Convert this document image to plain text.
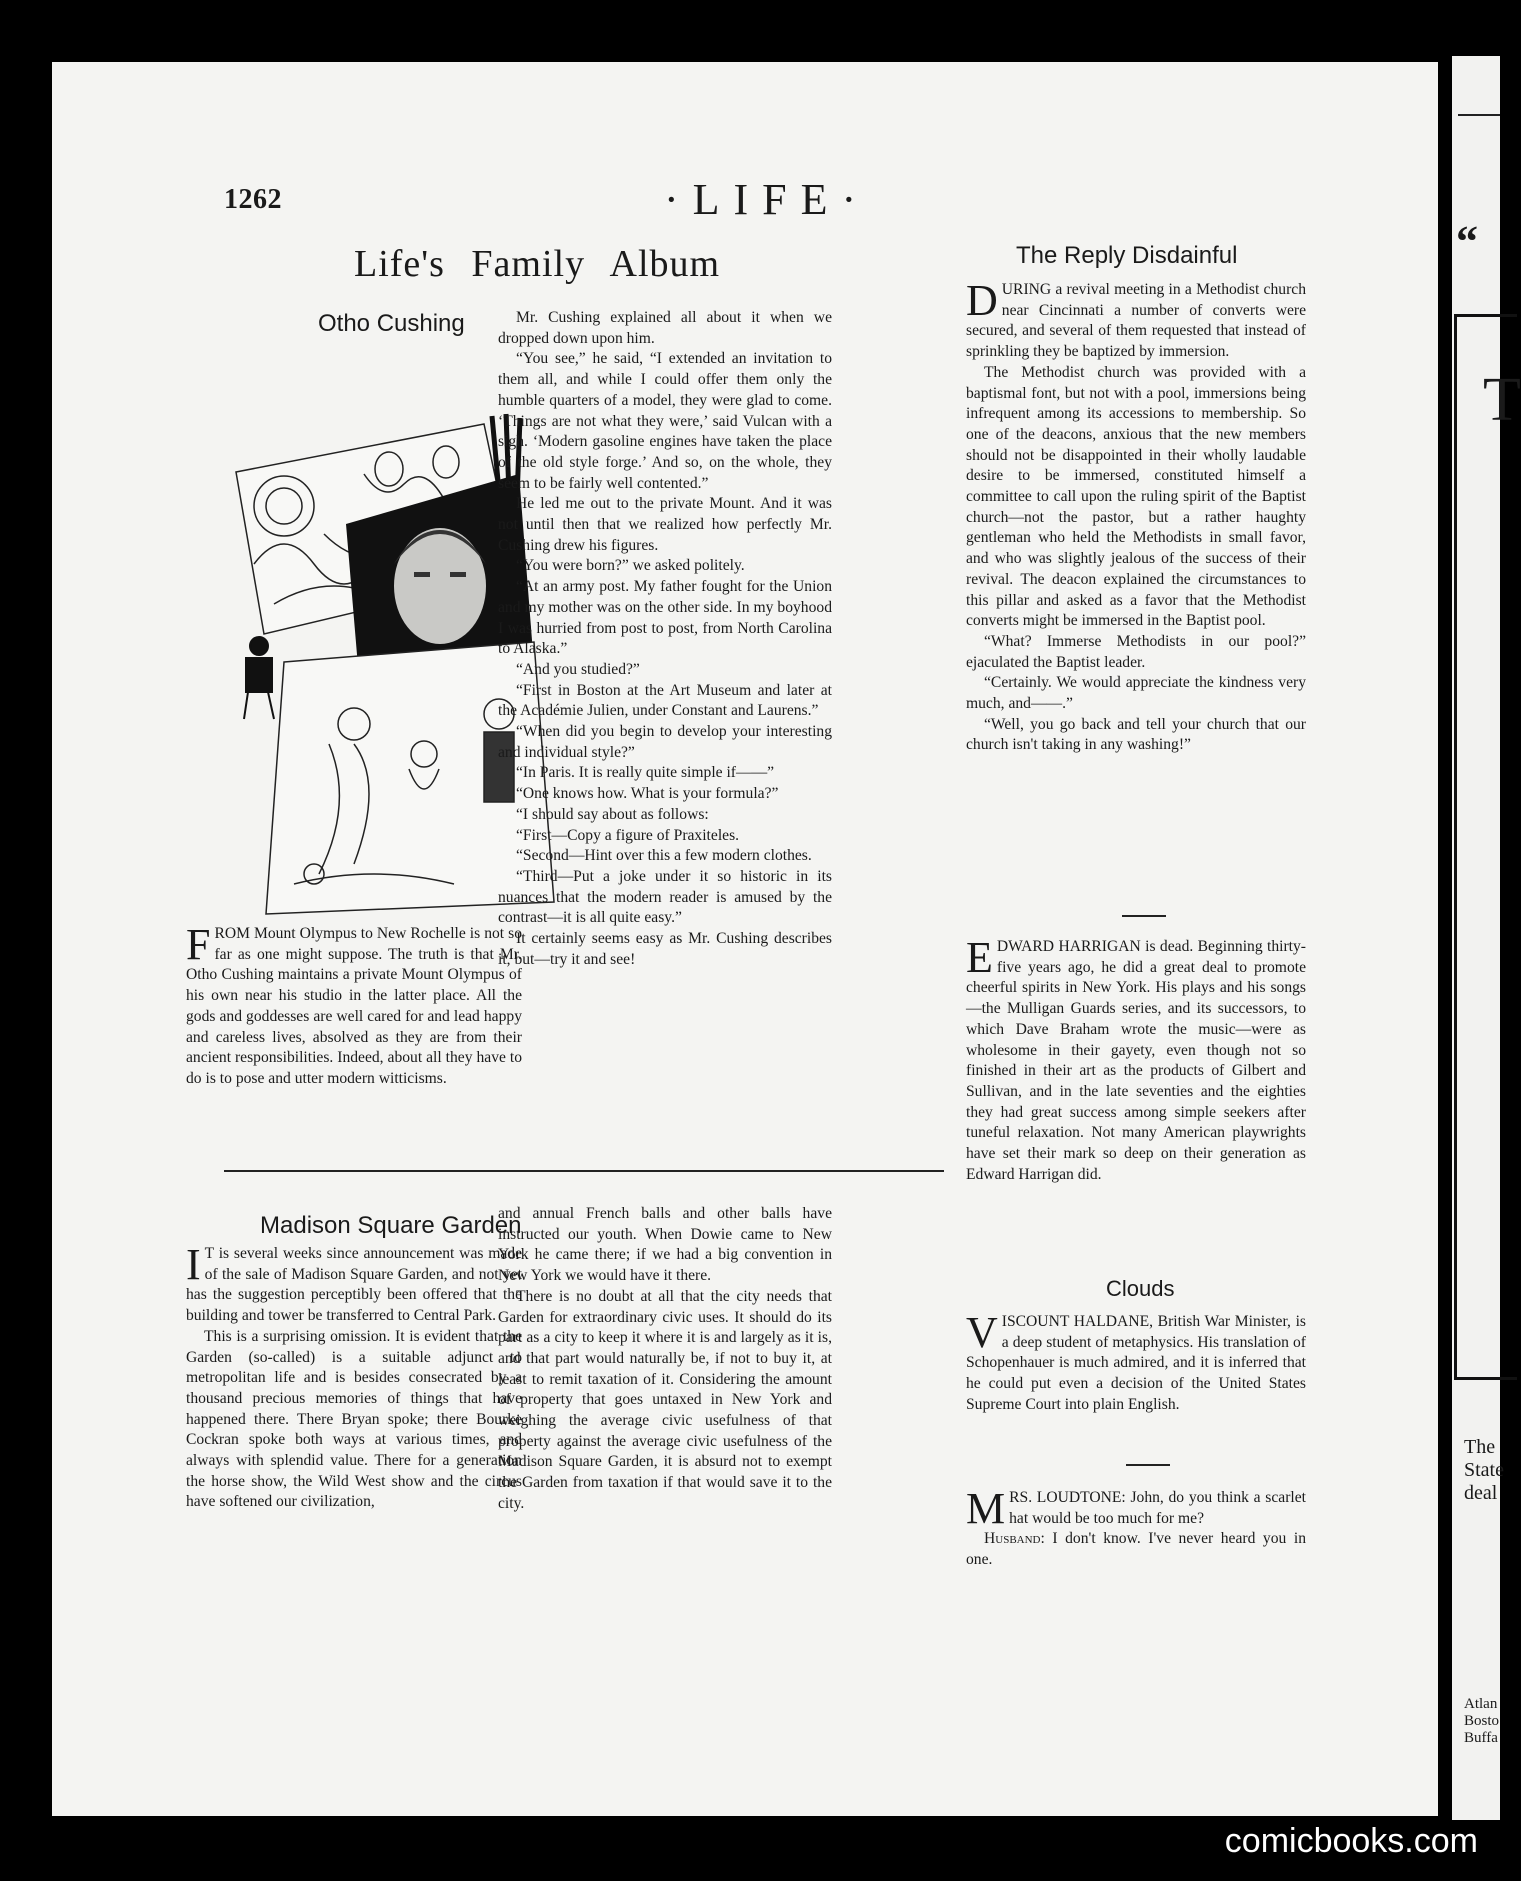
1262	·LIFE·
Life's Family Album
Otho Cushing

FROM Mount Olympus to New Rochelle is not so far as one might suppose. The truth is that Mr. Otho Cushing maintains a private Mount Olympus of his own near his studio in the latter place. All the gods and goddesses are well cared for and lead happy and careless lives, absolved as they are from their ancient responsibilities. Indeed, about all they have to do is to pose and utter modern witticisms.

Mr. Cushing explained all about it when we dropped down upon him.

“You see,” he said, “I extended an invitation to them all, and while I could offer them only the humble quarters of a model, they were glad to come. ‘Things are not what they were,’ said Vulcan with a sigh. ‘Modern gasoline engines have taken the place of the old style forge.’ And so, on the whole, they seem to be fairly well contented.”

He led me out to the private Mount. And it was not until then that we realized how perfectly Mr. Cushing drew his figures.

“You were born?” we asked politely.

“At an army post. My father fought for the Union and my mother was on the other side. In my boyhood I was hurried from post to post, from North Carolina to Alaska.”

“And you studied?”

“First in Boston at the Art Museum and later at the Académie Julien, under Constant and Laurens.”

“When did you begin to develop your interesting and individual style?”

“In Paris. It is really quite simple if——”

“One knows how. What is your formula?”

“I should say about as follows:

“First—Copy a figure of Praxiteles.

“Second—Hint over this a few modern clothes.

“Third—Put a joke under it so historic in its nuances that the modern reader is amused by the contrast—it is all quite easy.”

It certainly seems easy as Mr. Cushing describes it, but—try it and see!

The Reply Disdainful

DURING a revival meeting in a Methodist church near Cincinnati a number of converts were secured, and several of them requested that instead of sprinkling they be baptized by immersion.

The Methodist church was provided with a baptismal font, but not with a pool, immersions being infrequent among its accessions to membership. So one of the deacons, anxious that the new members should not be disappointed in their wholly laudable desire to be immersed, constituted himself a committee to call upon the ruling spirit of the Baptist church—not the pastor, but a rather haughty gentleman who held the Methodists in small favor, and who was slightly jealous of the success of their revival. The deacon explained the circumstances to this pillar and asked as a favor that the Methodist converts might be immersed in the Baptist pool.

“What? Immerse Methodists in our pool?” ejaculated the Baptist leader.

“Certainly. We would appreciate the kindness very much, and——.”

“Well, you go back and tell your church that our church isn't taking in any washing!”

EDWARD HARRIGAN is dead. Beginning thirty-five years ago, he did a great deal to promote cheerful spirits in New York. His plays and his songs—the Mulligan Guards series, and its successors, to which Dave Braham wrote the music—were as wholesome in their gayety, even though not so finished in their art as the products of Gilbert and Sullivan, and in the late seventies and the eighties they had great success among simple seekers after tuneful relaxation. Not many American playwrights have set their mark so deep on their generation as Edward Harrigan did.

Clouds

VISCOUNT HALDANE, British War Minister, is a deep student of metaphysics. His translation of Schopenhauer is much admired, and it is inferred that he could put even a decision of the United States Supreme Court into plain English.

MRS. LOUDTONE: John, do you think a scarlet hat would be too much for me?

Husband: I don't know. I've never heard you in one.

Madison Square Garden

I T is several weeks since announcement was made of the sale of Madison Square Garden, and not yet has the suggestion perceptibly been offered that the building and tower be transferred to Central Park.

This is a surprising omission. It is evident that the Garden (so-called) is a suitable adjunct to metropolitan life and is besides consecrated by a thousand precious memories of things that have happened there. There Bryan spoke; there Bourke Cockran spoke both ways at various times, and always with splendid value. There for a generation the horse show, the Wild West show and the circus have softened our civilization,

and annual French balls and other balls have instructed our youth. When Dowie came to New York he came there; if we had a big convention in New York we would have it there.

There is no doubt at all that the city needs that Garden for extraordinary civic uses. It should do its part as a city to keep it where it is and largely as it is, and that part would naturally be, if not to buy it, at least to remit taxation of it. Considering the amount of property that goes untaxed in New York and weighing the average civic usefulness of that property against the average civic usefulness of the Madison Square Garden, it is absurd not to exempt the Garden from taxation if that would save it to the city.

“
T
The
State
deal
Atlan
Bosto
Buffa
comicbooks.com
